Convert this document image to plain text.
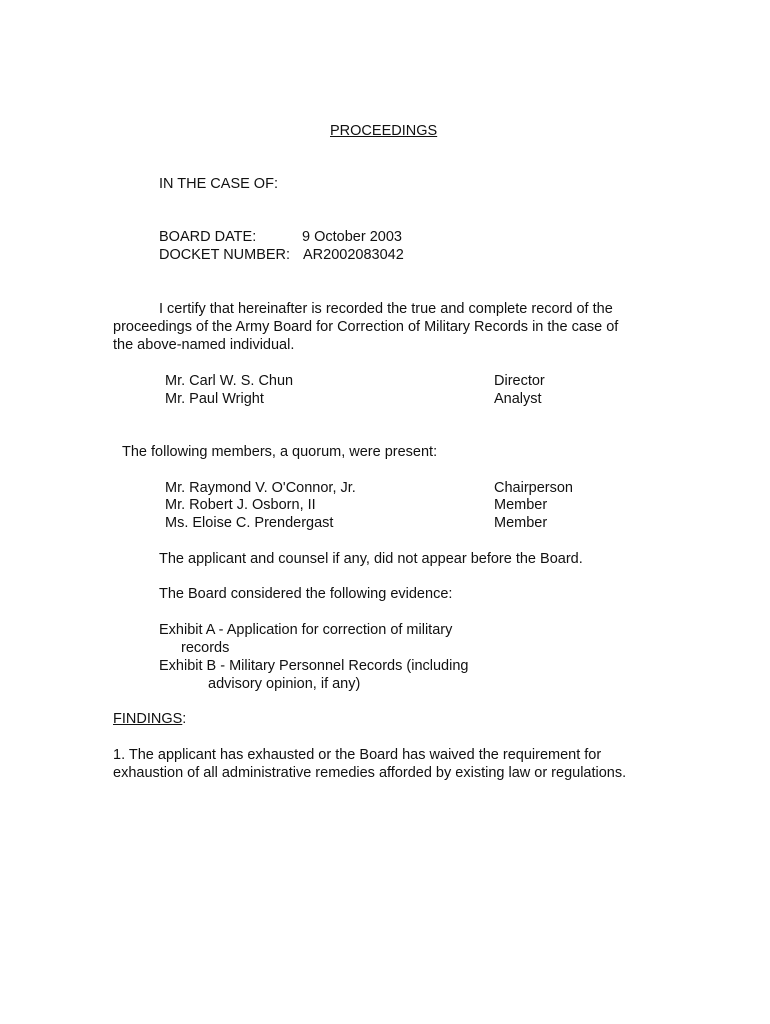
PROCEEDINGS
IN THE CASE OF:
BOARD DATE:	9 October 2003
DOCKET NUMBER: AR2002083042
I certify that hereinafter is recorded the true and complete record of the
proceedings of the Army Board for Correction of Military Records in the case of
the above-named individual.
Mr. Carl W. S. Chun	Director
Mr. Paul Wright	Analyst
The following members, a quorum, were present:
Mr. Raymond V. O'Connor, Jr.	Chairperson
Mr. Robert J. Osborn, II	Member
Ms. Eloise C. Prendergast	Member
The applicant and counsel if any, did not appear before the Board.
The Board considered the following evidence:
Exhibit A - Application for correction of military
records
Exhibit B - Military Personnel Records (including
advisory opinion, if any)
FINDINGS:
1. The applicant has exhausted or the Board has waived the requirement for
exhaustion of all administrative remedies afforded by existing law or regulations.
